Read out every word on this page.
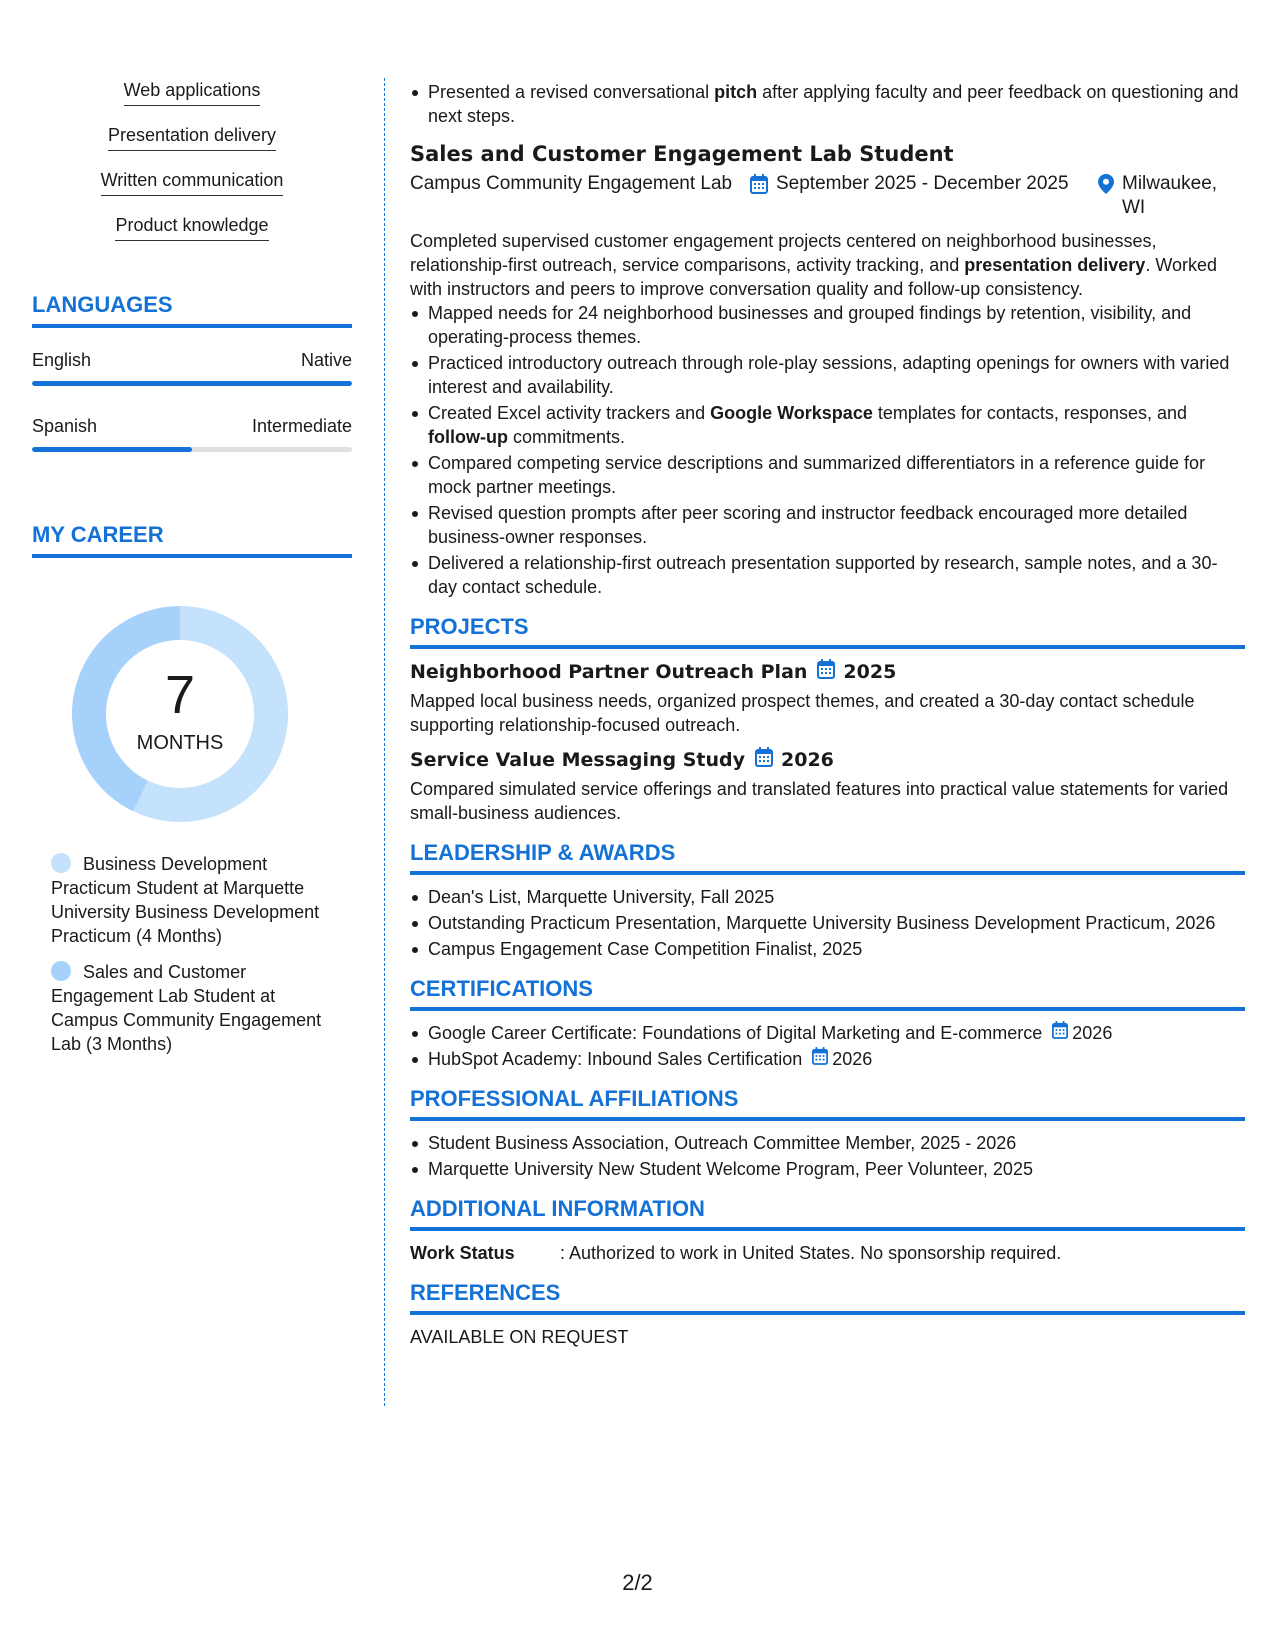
Web applications
Presentation delivery
Written communication
Product knowledge
LANGUAGES
English	Native
Spanish	Intermediate
MY CAREER
7
MONTHS
Business Development Practicum Student at Marquette University Business Development Practicum (4 Months)
Sales and Customer Engagement Lab Student at Campus Community Engagement Lab (3 Months)
Presented a revised conversational pitch after applying faculty and peer feedback on questioning and next steps.
Sales and Customer Engagement Lab Student
Campus Community Engagement Lab	September 2025 - December 2025	Milwaukee, WI
Completed supervised customer engagement projects centered on neighborhood businesses, relationship-first outreach, service comparisons, activity tracking, and presentation delivery. Worked with instructors and peers to improve conversation quality and follow-up consistency.
Mapped needs for 24 neighborhood businesses and grouped findings by retention, visibility, and operating-process themes.
Practiced introductory outreach through role-play sessions, adapting openings for owners with varied interest and availability.
Created Excel activity trackers and Google Workspace templates for contacts, responses, and follow-up commitments.
Compared competing service descriptions and summarized differentiators in a reference guide for mock partner meetings.
Revised question prompts after peer scoring and instructor feedback encouraged more detailed business-owner responses.
Delivered a relationship-first outreach presentation supported by research, sample notes, and a 30-day contact schedule.
PROJECTS
Neighborhood Partner Outreach Plan 2025
Mapped local business needs, organized prospect themes, and created a 30-day contact schedule supporting relationship-focused outreach.
Service Value Messaging Study 2026
Compared simulated service offerings and translated features into practical value statements for varied small-business audiences.
LEADERSHIP & AWARDS
Dean's List, Marquette University, Fall 2025
Outstanding Practicum Presentation, Marquette University Business Development Practicum, 2026
Campus Engagement Case Competition Finalist, 2025
CERTIFICATIONS
Google Career Certificate: Foundations of Digital Marketing and E-commerce 2026
HubSpot Academy: Inbound Sales Certification 2026
PROFESSIONAL AFFILIATIONS
Student Business Association, Outreach Committee Member, 2025 - 2026
Marquette University New Student Welcome Program, Peer Volunteer, 2025
ADDITIONAL INFORMATION
Work Status	: Authorized to work in United States. No sponsorship required.
REFERENCES
AVAILABLE ON REQUEST
2/2
